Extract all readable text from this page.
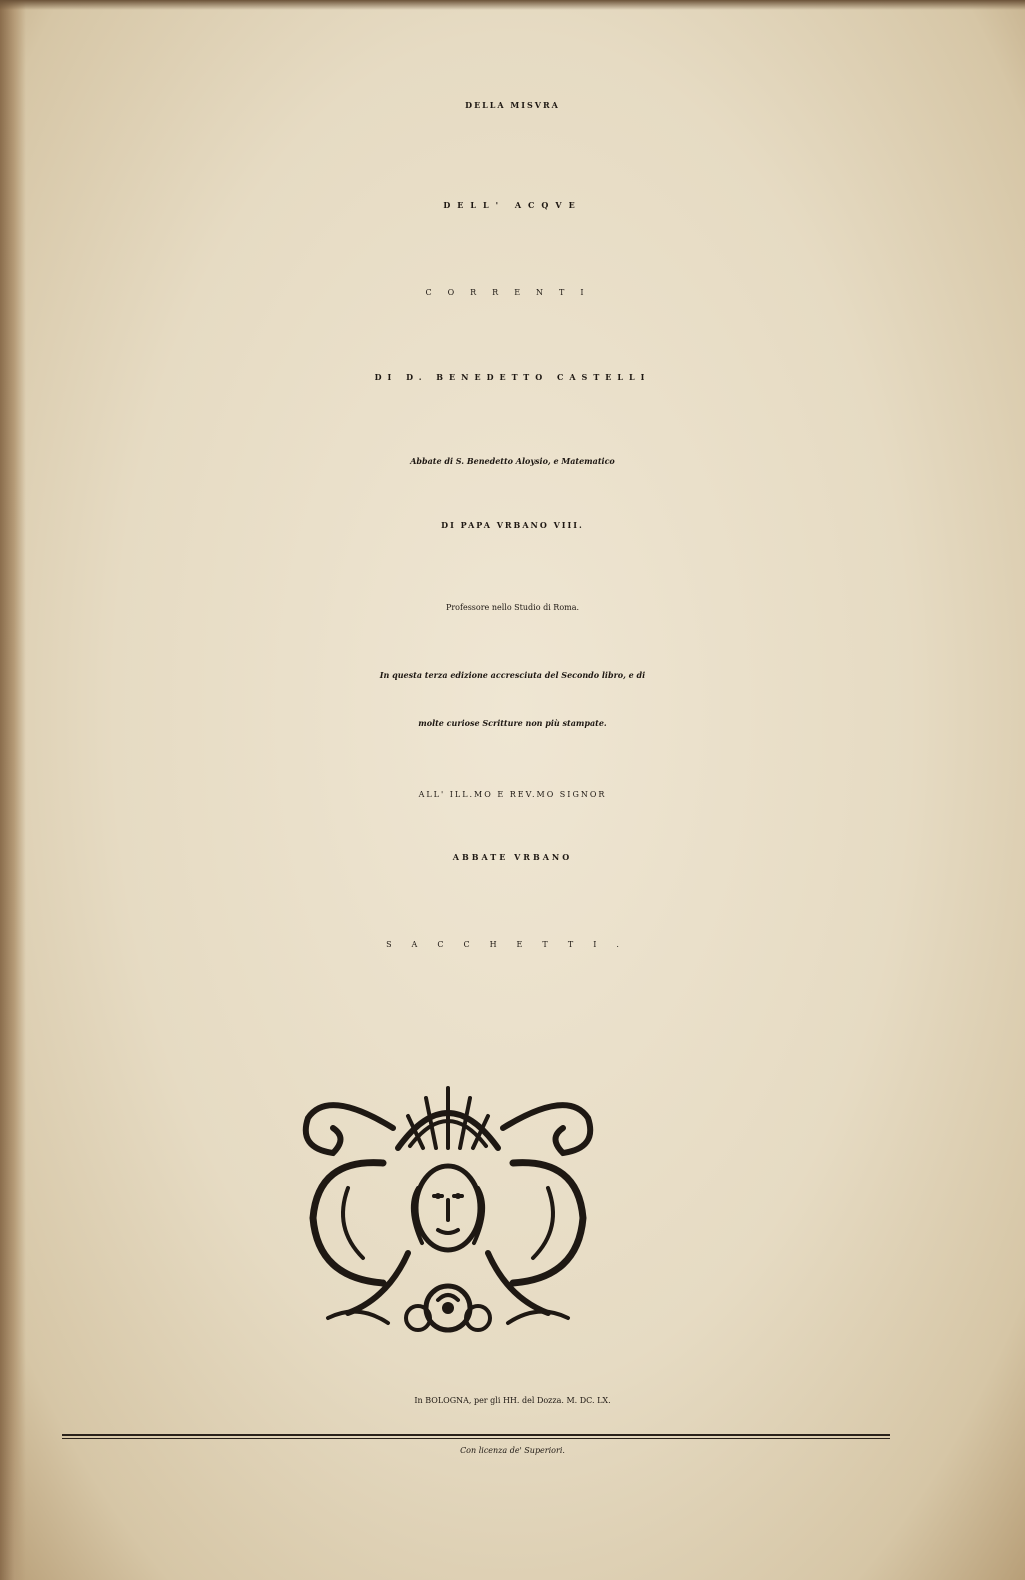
DELLA MISVRA
DELL' ACQVE
CORRENTI
DI D. BENEDETTO CASTELLI
Abbate di S. Benedetto Aloysio, e Matematico
DI PAPA VRBANO VIII.
Professore nello Studio di Roma.
In questa terza edizione accresciuta del Secondo libro, e di
molte curiose Scritture non più stampate.
ALL' ILL.MO E REV.MO SIGNOR
ABBATE VRBANO
SACCHETTI.
In BOLOGNA, per gli HH. del Dozza. M. DC. LX.
Con licenza de' Superiori.
